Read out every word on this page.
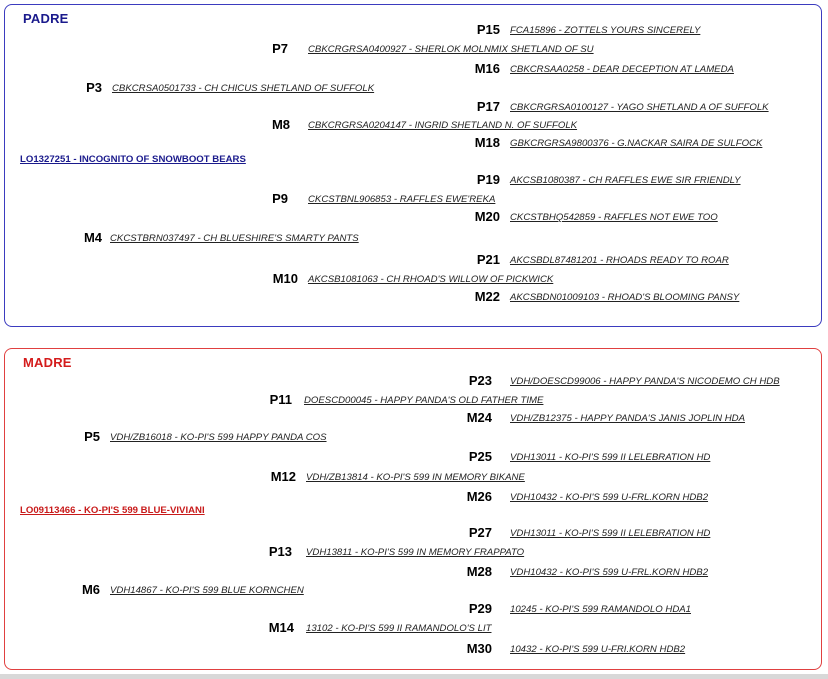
PADRE
LO1327251 - INCOGNITO OF SNOWBOOT BEARS
P15 FCA15896 - ZOTTELS YOURS SINCERELY
P7 CBKCRGRSA0400927 - SHERLOK MOLNMIX SHETLAND OF SU
M16 CBKCRSAA0258 - DEAR DECEPTION AT LAMEDA
P3 CBKCRSA0501733 - CH CHICUS SHETLAND OF SUFFOLK
P17 CBKCRGRSA0100127 - YAGO SHETLAND A OF SUFFOLK
M8 CBKCRGRSA0204147 - INGRID SHETLAND N. OF SUFFOLK
M18 GBKCRGRSA9800376 - G.NACKAR SAIRA DE SULFOCK
P19 AKCSB1080387 - CH RAFFLES EWE SIR FRIENDLY
P9 CKCSTBNL906853 - RAFFLES EWE'REKA
M20 CKCSTBHQ542859 - RAFFLES NOT EWE TOO
M4 CKCSTBRN037497 - CH BLUESHIRE'S SMARTY PANTS
P21 AKCSBDL87481201 - RHOADS READY TO ROAR
M10 AKCSB1081063 - CH RHOAD'S WILLOW OF PICKWICK
M22 AKCSBDN01009103 - RHOAD'S BLOOMING PANSY
MADRE
LO09113466 - KO-PI'S 599 BLUE-VIVIANI
P23 VDH/DOESCD99006 - HAPPY PANDA'S NICODEMO CH HDB
P11 DOESCD00045 - HAPPY PANDA'S OLD FATHER TIME
M24 VDH/ZB12375 - HAPPY PANDA'S JANIS JOPLIN HDA
P5 VDH/ZB16018 - KO-PI'S 599 HAPPY PANDA COS
P25 VDH13011 - KO-PI'S 599 II LELEBRATION HD
M12 VDH/ZB13814 - KO-PI'S 599 IN MEMORY BIKANE
M26 VDH10432 - KO-PI'S 599 U-FRL.KORN HDB2
P27 VDH13011 - KO-PI'S 599 II LELEBRATION HD
P13 VDH13811 - KO-PI'S 599 IN MEMORY FRAPPATO
M28 VDH10432 - KO-PI'S 599 U-FRL.KORN HDB2
M6 VDH14867 - KO-PI'S 599 BLUE KORNCHEN
P29 10245 - KO-PI'S 599 RAMANDOLO HDA1
M14 13102 - KO-PI'S 599 II RAMANDOLO'S LIT
M30 10432 - KO-PI'S 599 U-FRI.KORN HDB2
